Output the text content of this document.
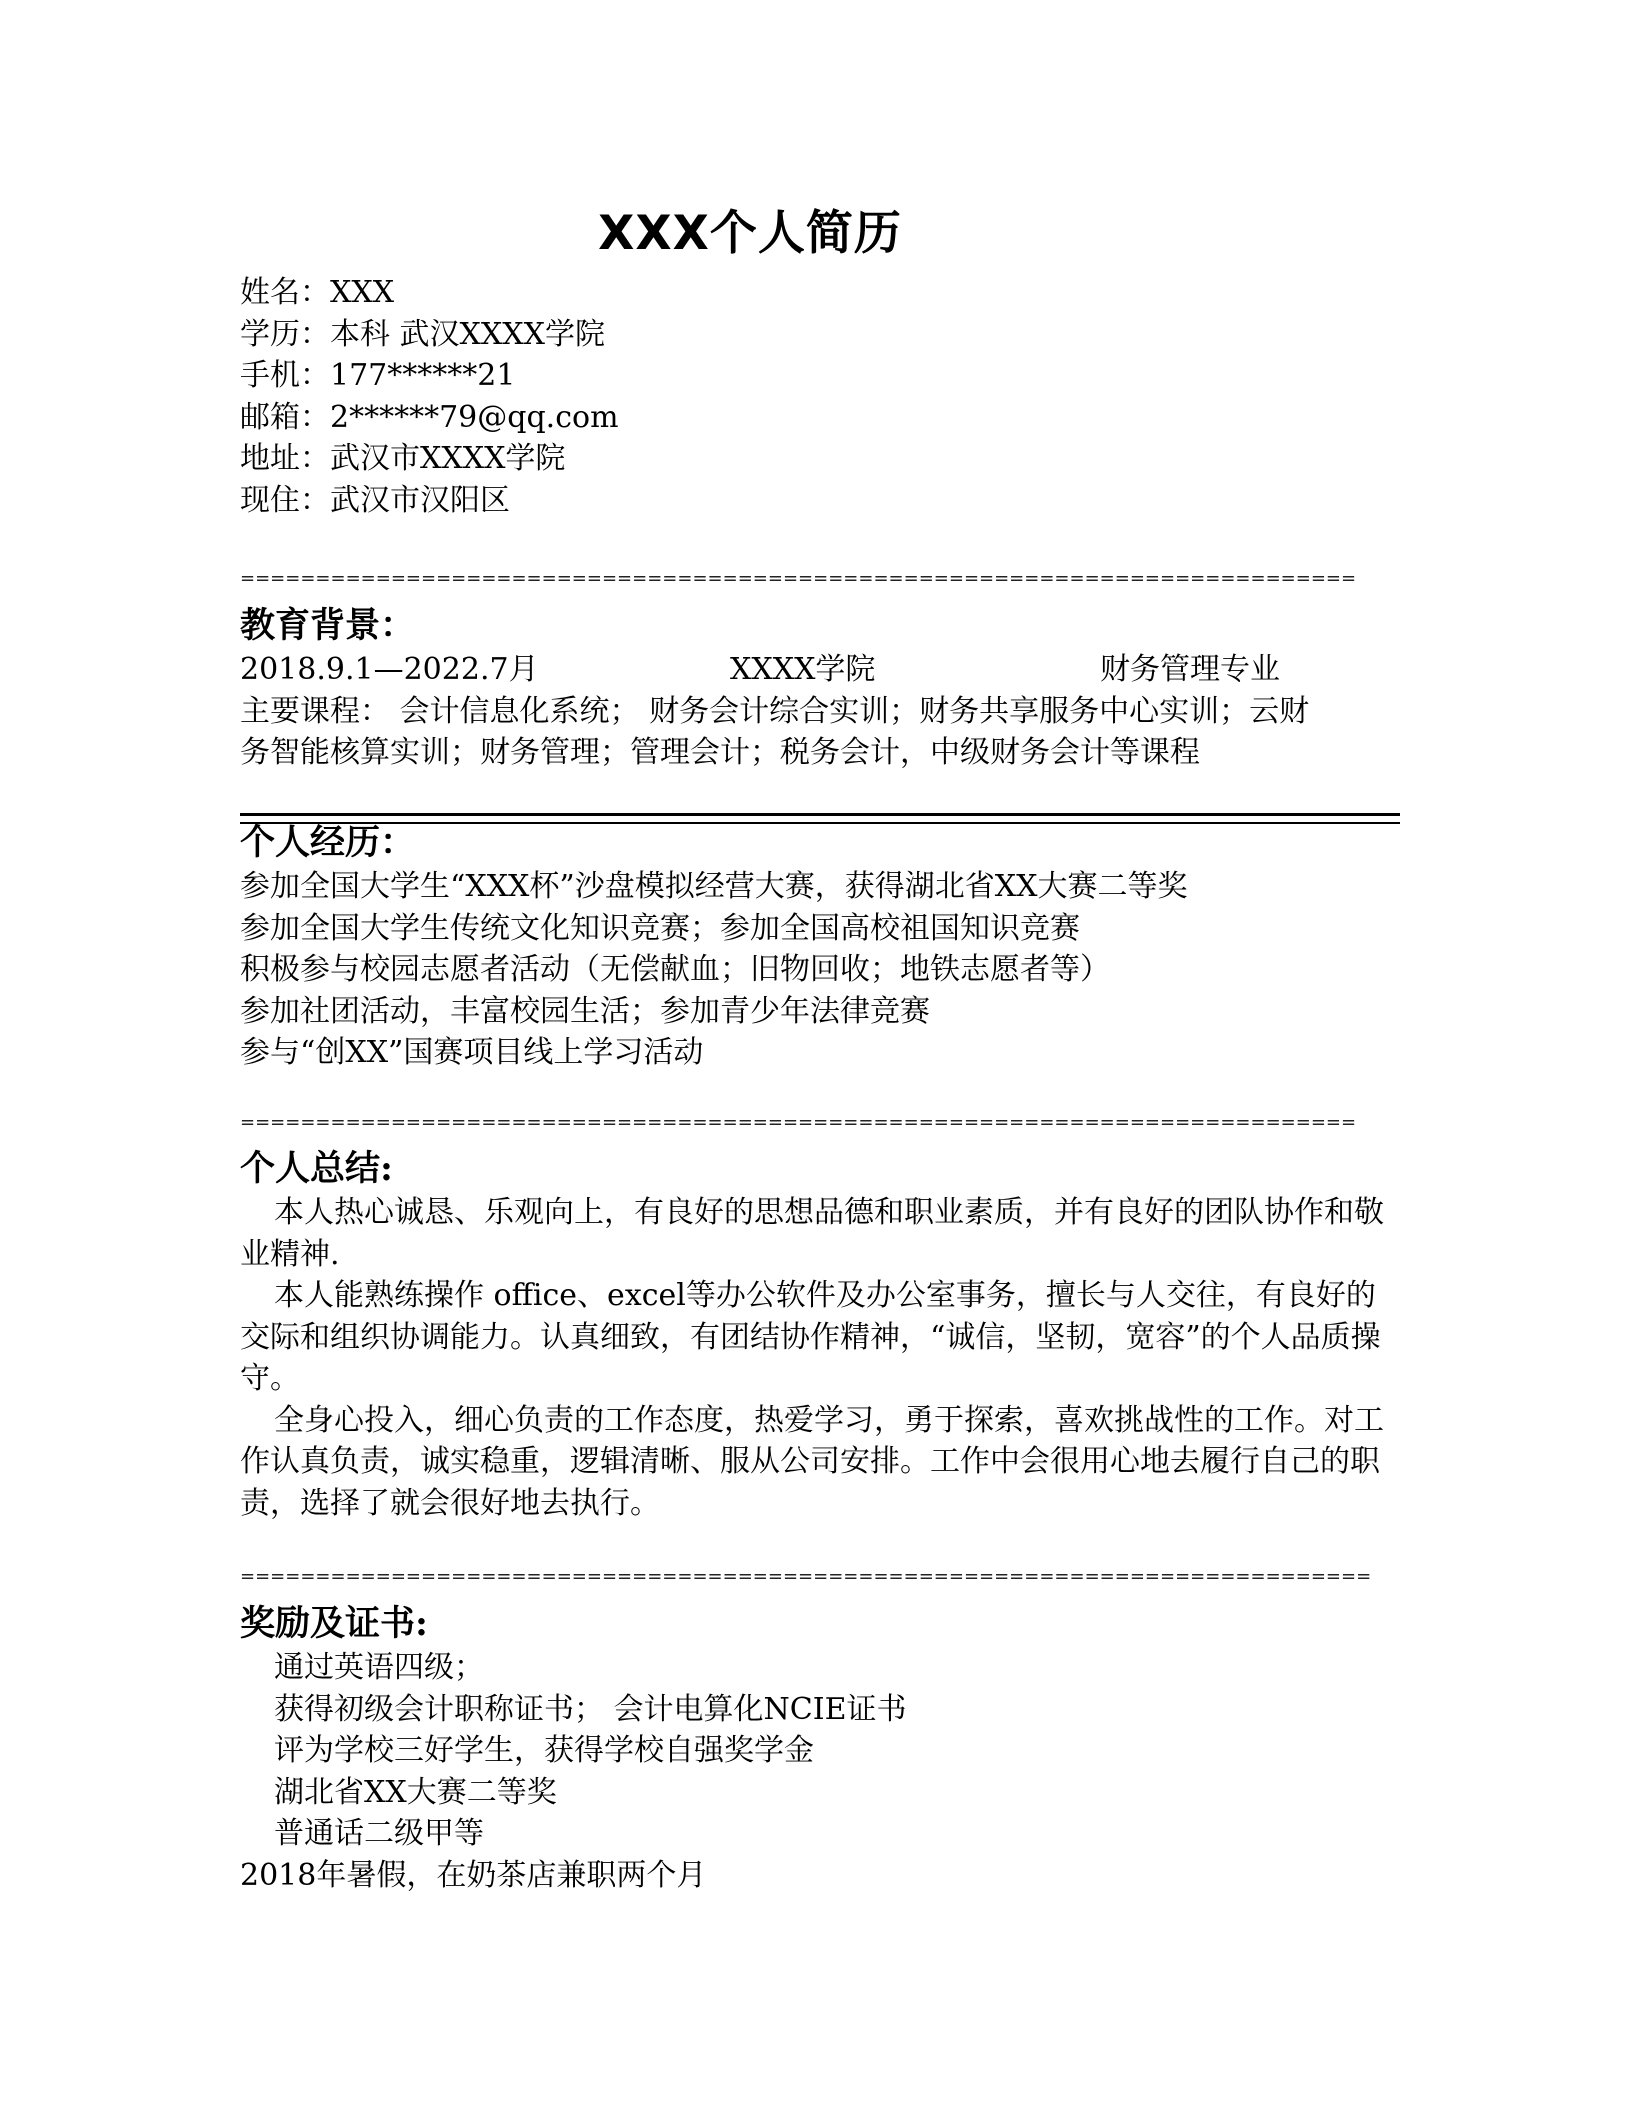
XXX个人简历
姓名：XXX
学历：本科 武汉XXXX学院
手机：177******21
邮箱：2******79@qq.com
地址：武汉市XXXX学院
现住：武汉市汉阳区
==========================================================================
教育背景：
2018.9.1—2022.7月	XXXX学院	财务管理专业
主要课程： 会计信息化系统； 财务会计综合实训；财务共享服务中心实训；云财
务智能核算实训；财务管理；管理会计；税务会计，中级财务会计等课程
个人经历：
参加全国大学生“XXX杯”沙盘模拟经营大赛，获得湖北省XX大赛二等奖
参加全国大学生传统文化知识竞赛；参加全国高校祖国知识竞赛
积极参与校园志愿者活动（无偿献血；旧物回收；地铁志愿者等）
参加社团活动，丰富校园生活；参加青少年法律竞赛
参与“创XX”国赛项目线上学习活动
==========================================================================
个人总结:
本人热心诚恳、乐观向上，有良好的思想品德和职业素质，并有良好的团队协作和敬业精神.
本人能熟练操作 office、excel等办公软件及办公室事务，擅长与人交往，有良好的交际和组织协调能力。认真细致，有团结协作精神，“诚信，坚韧，宽容”的个人品质操守。
全身心投入，细心负责的工作态度，热爱学习，勇于探索，喜欢挑战性的工作。对工作认真负责，诚实稳重，逻辑清晰、服从公司安排。工作中会很用心地去履行自己的职责，选择了就会很好地去执行。
===========================================================================
奖励及证书:
通过英语四级；
获得初级会计职称证书； 会计电算化NCIE证书
评为学校三好学生，获得学校自强奖学金
湖北省XX大赛二等奖
普通话二级甲等
2018年暑假，在奶茶店兼职两个月
